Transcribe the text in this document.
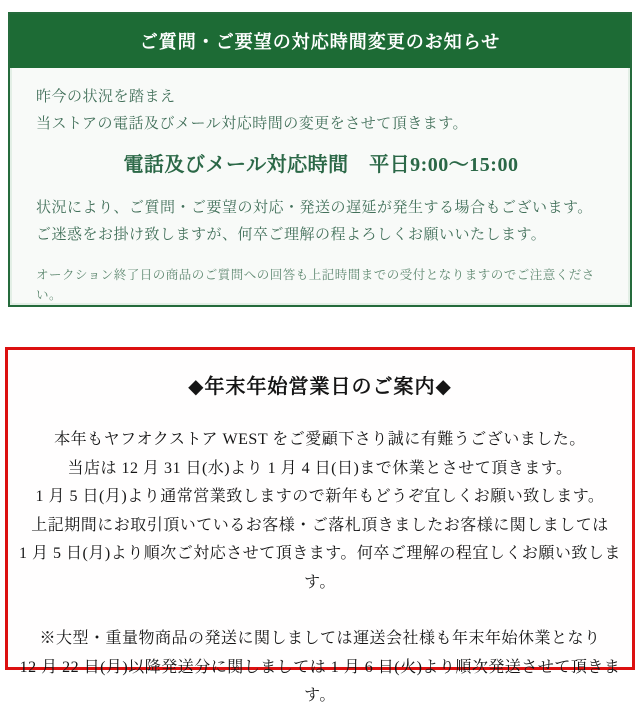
ご質問・ご要望の対応時間変更のお知らせ

昨今の状況を踏まえ

当ストアの電話及びメール対応時間の変更をさせて頂きます。

電話及びメール対応時間　平日9:00～15:00

状況により、ご質問・ご要望の対応・発送の遅延が発生する場合もございます。

ご迷惑をお掛け致しますが、何卒ご理解の程よろしくお願いいたします。

オークション終了日の商品のご質問への回答も上記時間までの受付となりますのでご注意ください。

◆年末年始営業日のご案内◆

本年もヤフオクストア WEST をご愛顧下さり誠に有難うございました。

当店は 12 月 31 日(水)より 1 月 4 日(日)まで休業とさせて頂きます。

1 月 5 日(月)より通常営業致しますので新年もどうぞ宜しくお願い致します。

上記期間にお取引頂いているお客様・ご落札頂きましたお客様に関しましては

1 月 5 日(月)より順次ご対応させて頂きます。何卒ご理解の程宜しくお願い致します。

※大型・重量物商品の発送に関しましては運送会社様も年末年始休業となり

12 月 22 日(月)以降発送分に関しましては 1 月 6 日(火)より順次発送させて頂きます。
